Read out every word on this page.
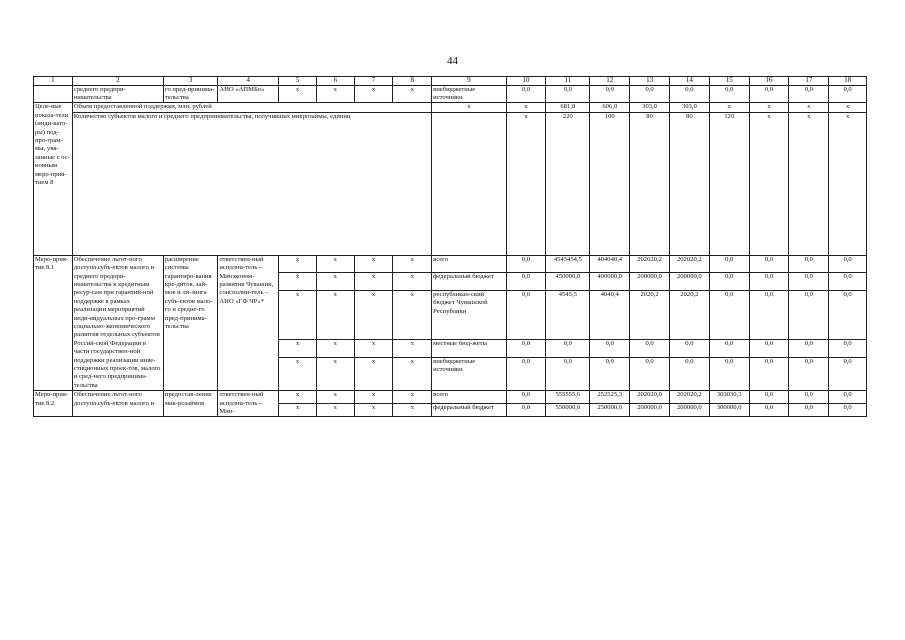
44
1	2	3	4	5	6	7	8	9	10	11	12	13	14	15	16	17	18
	среднего предпри-нимательства	го пред-принима-тельства	АНО «АПМБо»	x	x	x	x	внебюджетные источники	0,0	0,0	0,0	0,0	0,0	0,0	0,0	0,0	0,0
Целе-вые показа-тели (инди-като-ры) под-про-грам-мы, увя-занные с ос-новным меро-прия-тием 8	Объем предоставленной поддержки, млн. рублей							x	x	681,8	606,0	303,0	303,0	x	x	x	x
	Количество субъектов малого и среднего предпринимательства, получивших микрозаймы, единиц								x	220	100	80	80	120	x	x	x
Меро-прия-тие 8.1	Обеспечение льгот-ного доступа субъ-ектов малого и среднего предпри-нимательства к кредитным ресур-сам при гарантий-ной поддержке в рамках реализации мероприятий инди-видуальных про-грамм социально-экономического развития отдельных субъектов Россий-ской Федерации в части государствен-ной поддержки реализации инве-стиционных проек-тов, малого и сред-него предпринима-тельства	расширение системы гарантиро-вания кре-дитов, зай-мов и ли-зинга субъ-ектов мало-го и средне-го пред-принима-тельства	ответствен-ный исполни-тель – Минэконом-развития Чувашии, соисполни-тель – АНО «ГФ ЧР»*	x	x	x	x	всего	0,0	4545454,5	404040,4	202020,2	202020,2	0,0	0,0	0,0	0,0
				x	x	x	x	федеральный бюджет	0,0	450000,0	400000,0	200000,0	200000,0	0,0	0,0	0,0	0,0
				x	x	x	x	республикан-ский бюджет Чувашской Республики	0,0	4545,5	4040,4	2020,2	2020,2	0,0	0,0	0,0	0,0
				x	x	x	x	местные бюд-жеты	0,0	0,0	0,0	0,0	0,0	0,0	0,0	0,0	0,0
				x	x	x	x	внебюджетные источники	0,0	0,0	0,0	0,0	0,0	0,0	0,0	0,0	0,0
Меро-прия-тие 8.2	Обеспечение льгот-ного доступа субъ-ектов малого и	предостав-ление мик-розаймов	ответствен-ный исполни-тель – Мин-	x	x	x	x	всего	0,0	555555,6	252525,3	202020,0	202020,2	303030,3	0,0	0,0	0,0
				x	x	x	x	федеральный бюджет	0,0	550000,0	250000,0	200000,0	200000,0	300000,0	0,0	0,0	0,0
